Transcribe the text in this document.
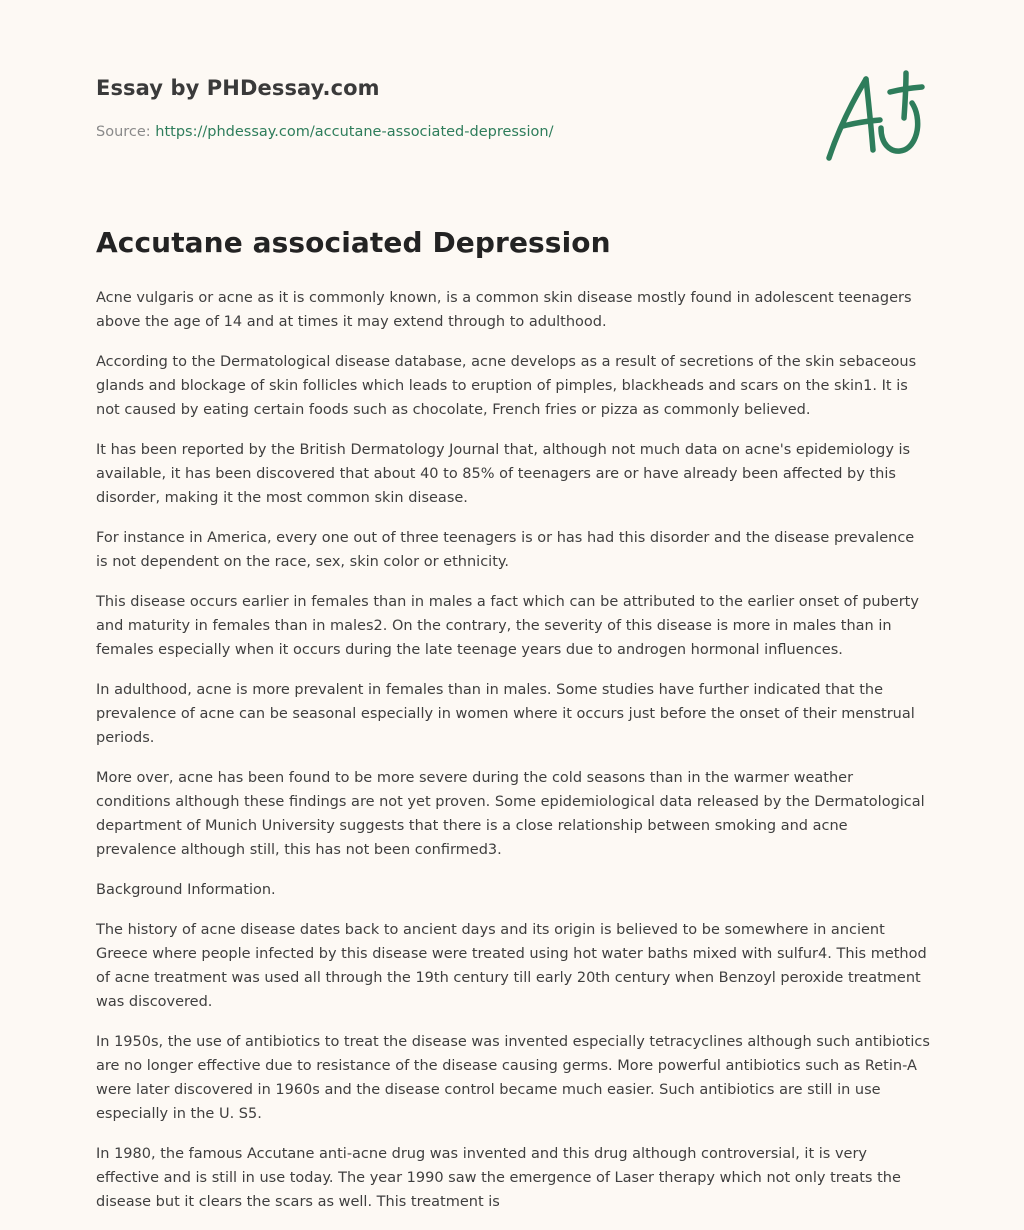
Essay by PHDessay.com
Source: https://phdessay.com/accutane-associated-depression/
Accutane associated Depression

Acne vulgaris or acne as it is commonly known, is a common skin disease mostly found in adolescent teenagers above the age of 14 and at times it may extend through to adulthood.

According to the Dermatological disease database, acne develops as a result of secretions of the skin sebaceous glands and blockage of skin follicles which leads to eruption of pimples, blackheads and scars on the skin1. It is not caused by eating certain foods such as chocolate, French fries or pizza as commonly believed.

It has been reported by the British Dermatology Journal that, although not much data on acne's epidemiology is available, it has been discovered that about 40 to 85% of teenagers are or have already been affected by this disorder, making it the most common skin disease.

For instance in America, every one out of three teenagers is or has had this disorder and the disease prevalence is not dependent on the race, sex, skin color or ethnicity.

This disease occurs earlier in females than in males a fact which can be attributed to the earlier onset of puberty and maturity in females than in males2. On the contrary, the severity of this disease is more in males than in females especially when it occurs during the late teenage years due to androgen hormonal influences.

In adulthood, acne is more prevalent in females than in males. Some studies have further indicated that the prevalence of acne can be seasonal especially in women where it occurs just before the onset of their menstrual periods.

More over, acne has been found to be more severe during the cold seasons than in the warmer weather conditions although these findings are not yet proven. Some epidemiological data released by the Dermatological department of Munich University suggests that there is a close relationship between smoking and acne prevalence although still, this has not been confirmed3.

Background Information.

The history of acne disease dates back to ancient days and its origin is believed to be somewhere in ancient Greece where people infected by this disease were treated using hot water baths mixed with sulfur4. This method of acne treatment was used all through the 19th century till early 20th century when Benzoyl peroxide treatment was discovered.

In 1950s, the use of antibiotics to treat the disease was invented especially tetracyclines although such antibiotics are no longer effective due to resistance of the disease causing germs. More powerful antibiotics such as Retin-A were later discovered in 1960s and the disease control became much easier. Such antibiotics are still in use especially in the U. S5.

In 1980, the famous Accutane anti-acne drug was invented and this drug although controversial, it is very effective and is still in use today. The year 1990 saw the emergence of Laser therapy which not only treats the disease but it clears the scars as well. This treatment is
